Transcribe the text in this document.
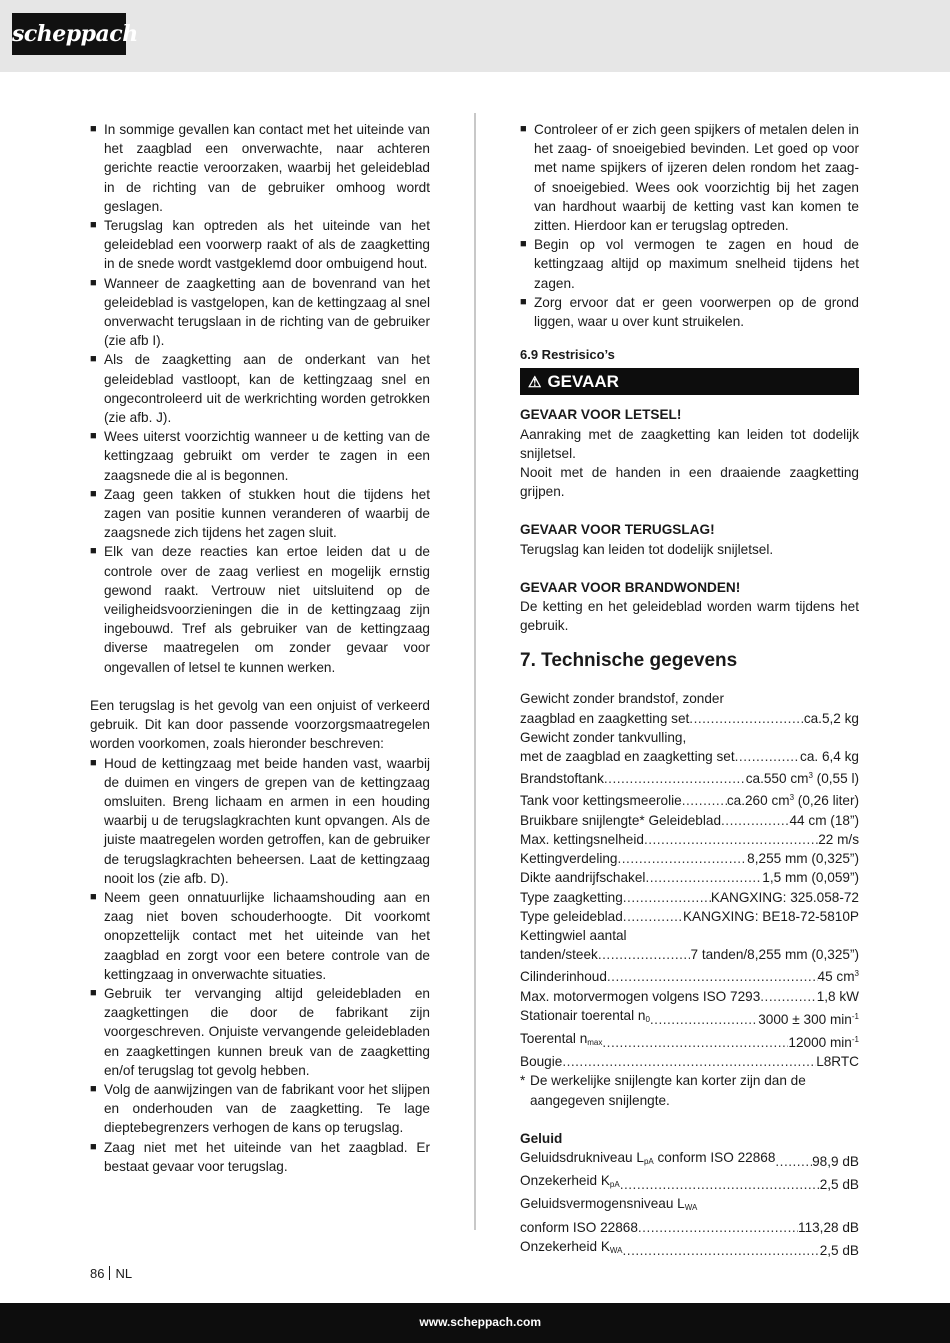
scheppach
■ In sommige gevallen kan contact met het uiteinde van het zaagblad een onverwachte, naar achteren gerichte reactie veroorzaken, waarbij het geleideblad in de richting van de gebruiker omhoog wordt geslagen.
■ Terugslag kan optreden als het uiteinde van het geleideblad een voorwerp raakt of als de zaagketting in de snede wordt vastgeklemd door ombuigend hout.
■ Wanneer de zaagketting aan de bovenrand van het geleideblad is vastgelopen, kan de kettingzaag al snel onverwacht terugslaan in de richting van de gebruiker (zie afb I).
■ Als de zaagketting aan de onderkant van het geleideblad vastloopt, kan de kettingzaag snel en ongecontroleerd uit de werkrichting worden getrokken (zie afb. J).
■ Wees uiterst voorzichtig wanneer u de ketting van de kettingzaag gebruikt om verder te zagen in een zaagsnede die al is begonnen.
■ Zaag geen takken of stukken hout die tijdens het zagen van positie kunnen veranderen of waarbij de zaagsnede zich tijdens het zagen sluit.
■ Elk van deze reacties kan ertoe leiden dat u de controle over de zaag verliest en mogelijk ernstig gewond raakt. Vertrouw niet uitsluitend op de veiligheidsvoorzieningen die in de kettingzaag zijn ingebouwd. Tref als gebruiker van de kettingzaag diverse maatregelen om zonder gevaar voor ongevallen of letsel te kunnen werken.

Een terugslag is het gevolg van een onjuist of verkeerd gebruik. Dit kan door passende voorzorgsmaatregelen worden voorkomen, zoals hieronder beschreven:

■ Houd de kettingzaag met beide handen vast, waarbij de duimen en vingers de grepen van de kettingzaag omsluiten. Breng lichaam en armen in een houding waarbij u de terugslagkrachten kunt opvangen. Als de juiste maatregelen worden getroffen, kan de gebruiker de terugslagkrachten beheersen. Laat de kettingzaag nooit los (zie afb. D).
■ Neem geen onnatuurlijke lichaamshouding aan en zaag niet boven schouderhoogte. Dit voorkomt onopzettelijk contact met het uiteinde van het zaagblad en zorgt voor een betere controle van de kettingzaag in onverwachte situaties.
■ Gebruik ter vervanging altijd geleidebladen en zaagkettingen die door de fabrikant zijn voorgeschreven. Onjuiste vervangende geleidebladen en zaagkettingen kunnen breuk van de zaagketting en/of terugslag tot gevolg hebben.
■ Volg de aanwijzingen van de fabrikant voor het slijpen en onderhouden van de zaagketting. Te lage dieptebegrenzers verhogen de kans op terugslag.
■ Zaag niet met het uiteinde van het zaagblad. Er bestaat gevaar voor terugslag.
■ Controleer of er zich geen spijkers of metalen delen in het zaag- of snoeigebied bevinden. Let goed op voor met name spijkers of ijzeren delen rondom het zaag- of snoeigebied. Wees ook voorzichtig bij het zagen van hardhout waarbij de ketting vast kan komen te zitten. Hierdoor kan er terugslag optreden.
■ Begin op vol vermogen te zagen en houd de kettingzaag altijd op maximum snelheid tijdens het zagen.
■ Zorg ervoor dat er geen voorwerpen op de grond liggen, waar u over kunt struikelen.
6.9 Restrisico’s
⚠ GEVAAR
GEVAAR VOOR LETSEL!

Aanraking met de zaagketting kan leiden tot dodelijk snijletsel.

Nooit met de handen in een draaiende zaagketting grijpen.

GEVAAR VOOR TERUGSLAG!

Terugslag kan leiden tot dodelijk snijletsel.

GEVAAR VOOR BRANDWONDEN!

De ketting en het geleideblad worden warm tijdens het gebruik.

7. Technische gegevens
Gewicht zonder brandstof, zonder
zaagblad en zaagketting set .....	ca.5,2 kg
Gewicht zonder tankvulling,
met de zaagblad en zaagketting set .....	ca. 6,4 kg
Brandstoftank .....	ca.550 $cm^3$ (0,55 l)
Tank voor kettingsmeerolie .....	ca.260 $cm^3$ (0,26 liter)
Bruikbare snijlengte* Geleideblad .....	44 cm (18”)
Max. kettingsnelheid .....	22 m/s
Kettingverdeling .....	8,255 mm (0,325”)
Dikte aandrijfschakel .....	1,5 mm (0,059”)
Type zaagketting .....	KANGXING: 325.058-72
Type geleideblad .....	KANGXING: BE18-72-5810P
Kettingwiel aantal
tanden/steek .....	7 tanden/8,255 mm (0,325”)
Cilinderinhoud .....	45 $cm^3$
Max. motorvermogen volgens ISO 7293 .....	1,8 kW
Stationair toerental $n_0$ .....	3000 ± 300 $\min^{-1}$
Toerental $n_{max}$ .....	12000 $\min^{-1}$
Bougie .....	L8RTC
* De werkelijke snijlengte kan korter zijn dan de aangegeven snijlengte.
Geluid
Geluidsdrukniveau $L_{pA}$ conform ISO 22868 .....	98,9 dB
Onzekerheid $K_{pA}$ .....	2,5 dB
Geluidsvermogensniveau $L_{WA}$
conform ISO 22868 .....	113,28 dB
Onzekerheid $K_{WA}$ .....	2,5 dB
86 NL
www.scheppach.com
